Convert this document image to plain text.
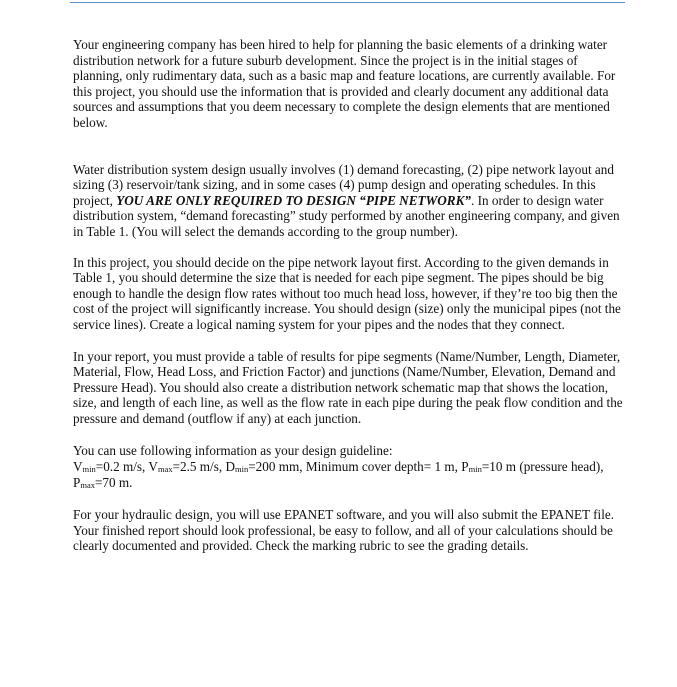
Your engineering company has been hired to help for planning the basic elements of a drinking water distribution network for a future suburb development. Since the project is in the initial stages of planning, only rudimentary data, such as a basic map and feature locations, are currently available. For this project, you should use the information that is provided and clearly document any additional data sources and assumptions that you deem necessary to complete the design elements that are mentioned below.

Water distribution system design usually involves (1) demand forecasting, (2) pipe network layout and sizing (3) reservoir/tank sizing, and in some cases (4) pump design and operating schedules. In this project, YOU ARE ONLY REQUIRED TO DESIGN “PIPE NETWORK”. In order to design water distribution system, “demand forecasting” study performed by another engineering company, and given in Table 1. (You will select the demands according to the group number).

In this project, you should decide on the pipe network layout first. According to the given demands in Table 1, you should determine the size that is needed for each pipe segment. The pipes should be big enough to handle the design flow rates without too much head loss, however, if they’re too big then the cost of the project will significantly increase. You should design (size) only the municipal pipes (not the service lines). Create a logical naming system for your pipes and the nodes that they connect.

In your report, you must provide a table of results for pipe segments (Name/Number, Length, Diameter, Material, Flow, Head Loss, and Friction Factor) and junctions (Name/Number, Elevation, Demand and Pressure Head). You should also create a distribution network schematic map that shows the location, size, and length of each line, as well as the flow rate in each pipe during the peak flow condition and the pressure and demand (outflow if any) at each junction.

You can use following information as your design guideline:
$V_{min}=0.2$ m/s, $V_{max}=2.5$ m/s, $D_{min}=200$ mm, Minimum cover depth= 1 m, $P_{min}=10$ m (pressure head), $P_{max}=70$ m.

For your hydraulic design, you will use EPANET software, and you will also submit the EPANET file. Your finished report should look professional, be easy to follow, and all of your calculations should be clearly documented and provided. Check the marking rubric to see the grading details.
